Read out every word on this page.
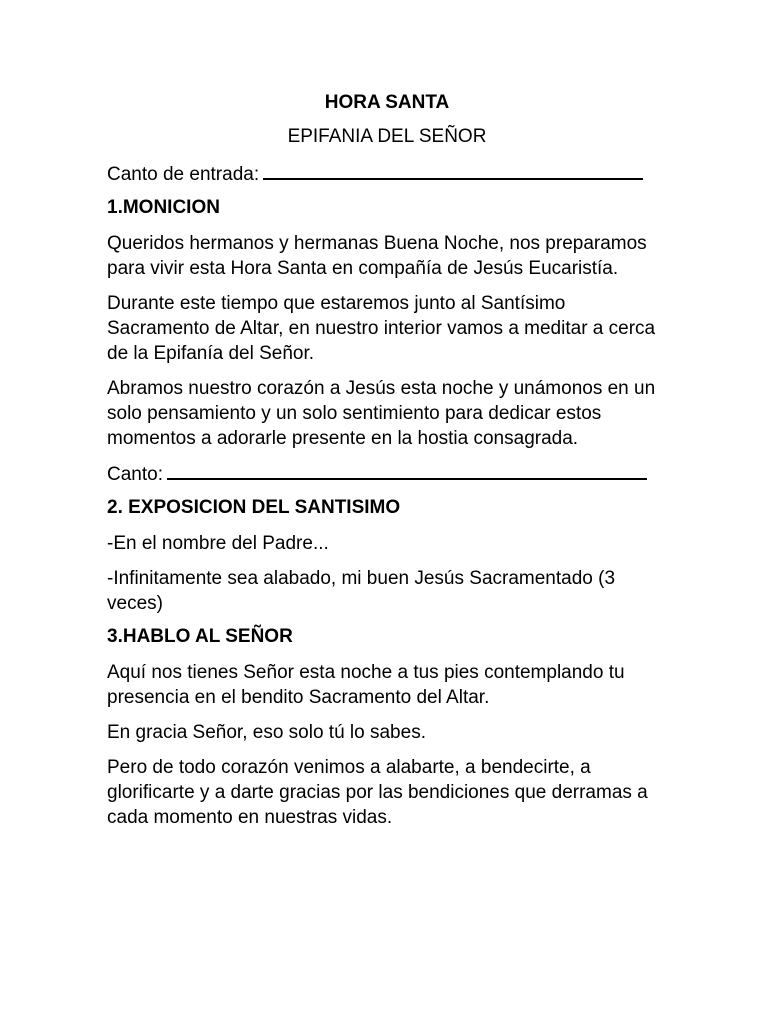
HORA SANTA
EPIFANIA DEL SEÑOR
Canto de entrada:
1.MONICION

Queridos hermanos y hermanas Buena Noche, nos preparamos para vivir esta Hora Santa en compañía de Jesús Eucaristía.

Durante este tiempo que estaremos junto al Santísimo Sacramento de Altar, en nuestro interior vamos a meditar a cerca de la Epifanía del Señor.

Abramos nuestro corazón a Jesús esta noche y unámonos en un solo pensamiento y un solo sentimiento para dedicar estos momentos a adorarle presente en la hostia consagrada.

Canto:
2. EXPOSICION DEL SANTISIMO

-En el nombre del Padre...

-Infinitamente sea alabado, mi buen Jesús Sacramentado (3 veces)

3.HABLO AL SEÑOR

Aquí nos tienes Señor esta noche a tus pies contemplando tu presencia en el bendito Sacramento del Altar.

En gracia Señor, eso solo tú lo sabes.

Pero de todo corazón venimos a alabarte, a bendecirte, a glorificarte y a darte gracias por las bendiciones que derramas a cada momento en nuestras vidas.
